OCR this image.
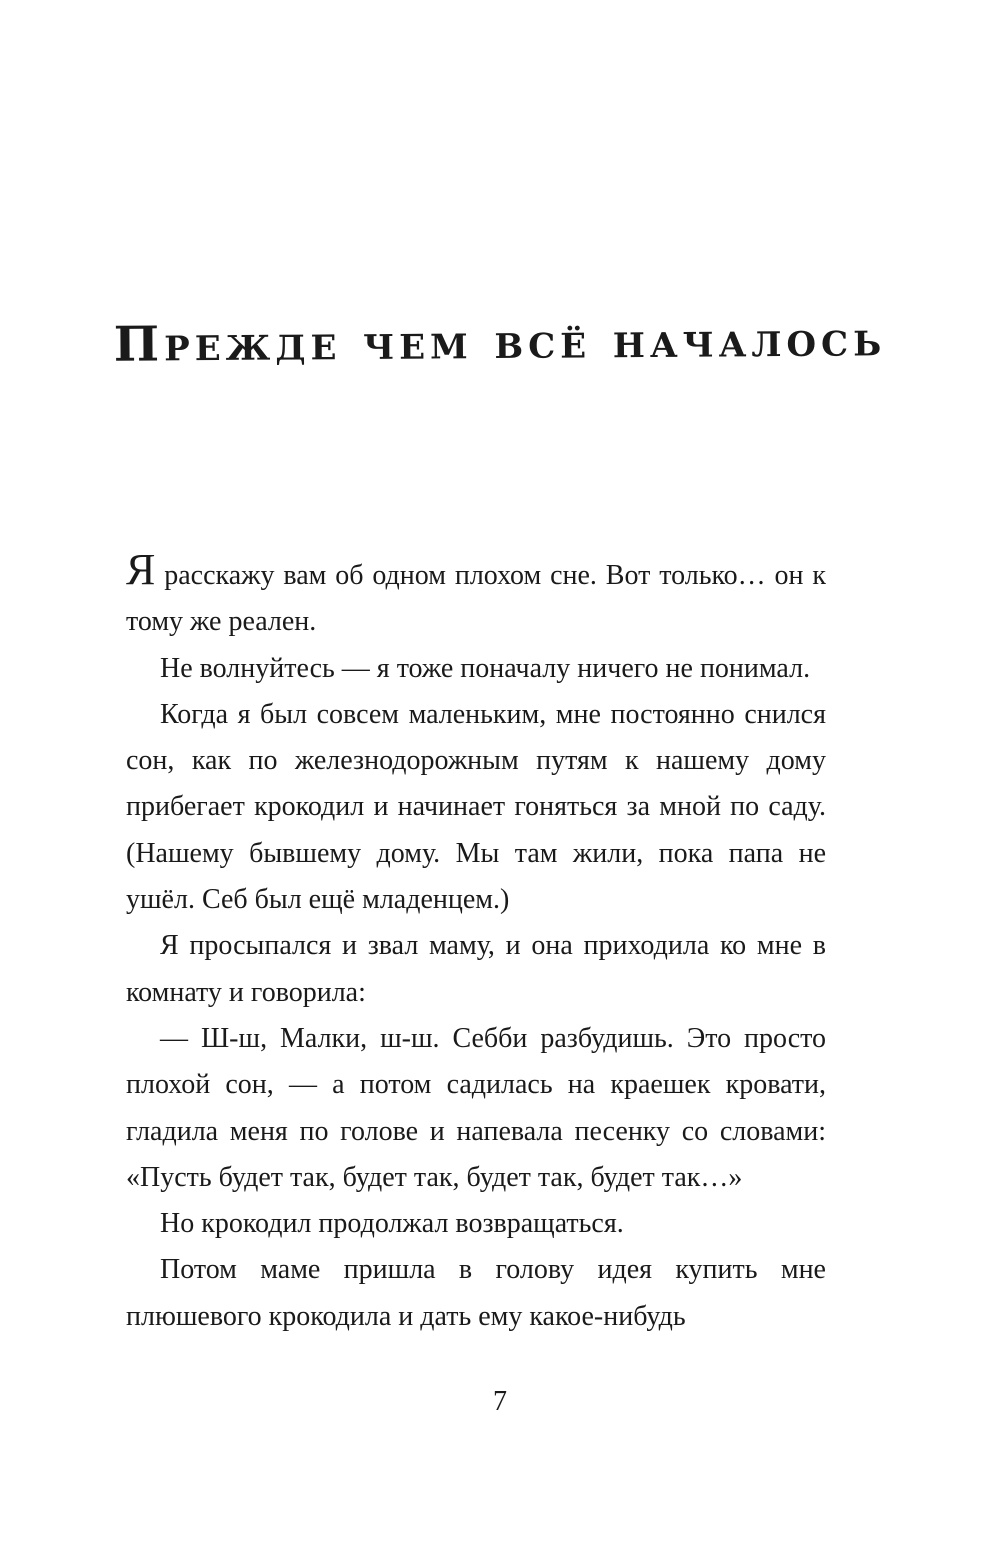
Прежде чем всё началось

Я расскажу вам об одном плохом сне. Вот только… он к тому же реален.

Не волнуйтесь — я тоже поначалу ничего не понимал.

Когда я был совсем маленьким, мне постоянно снился сон, как по железнодорожным путям к нашему дому прибегает крокодил и начинает гоняться за мной по саду. (Нашему бывшему дому. Мы там жили, пока папа не ушёл. Себ был ещё младенцем.)

Я просыпался и звал маму, и она приходила ко мне в комнату и говорила:

— Ш-ш, Малки, ш-ш. Себби разбудишь. Это просто плохой сон, — а потом садилась на краешек кровати, гладила меня по голове и напевала песенку со словами: «Пусть будет так, будет так, будет так, будет так…»

Но крокодил продолжал возвращаться.

Потом маме пришла в голову идея купить мне плюшевого крокодила и дать ему какое-нибудь

7
